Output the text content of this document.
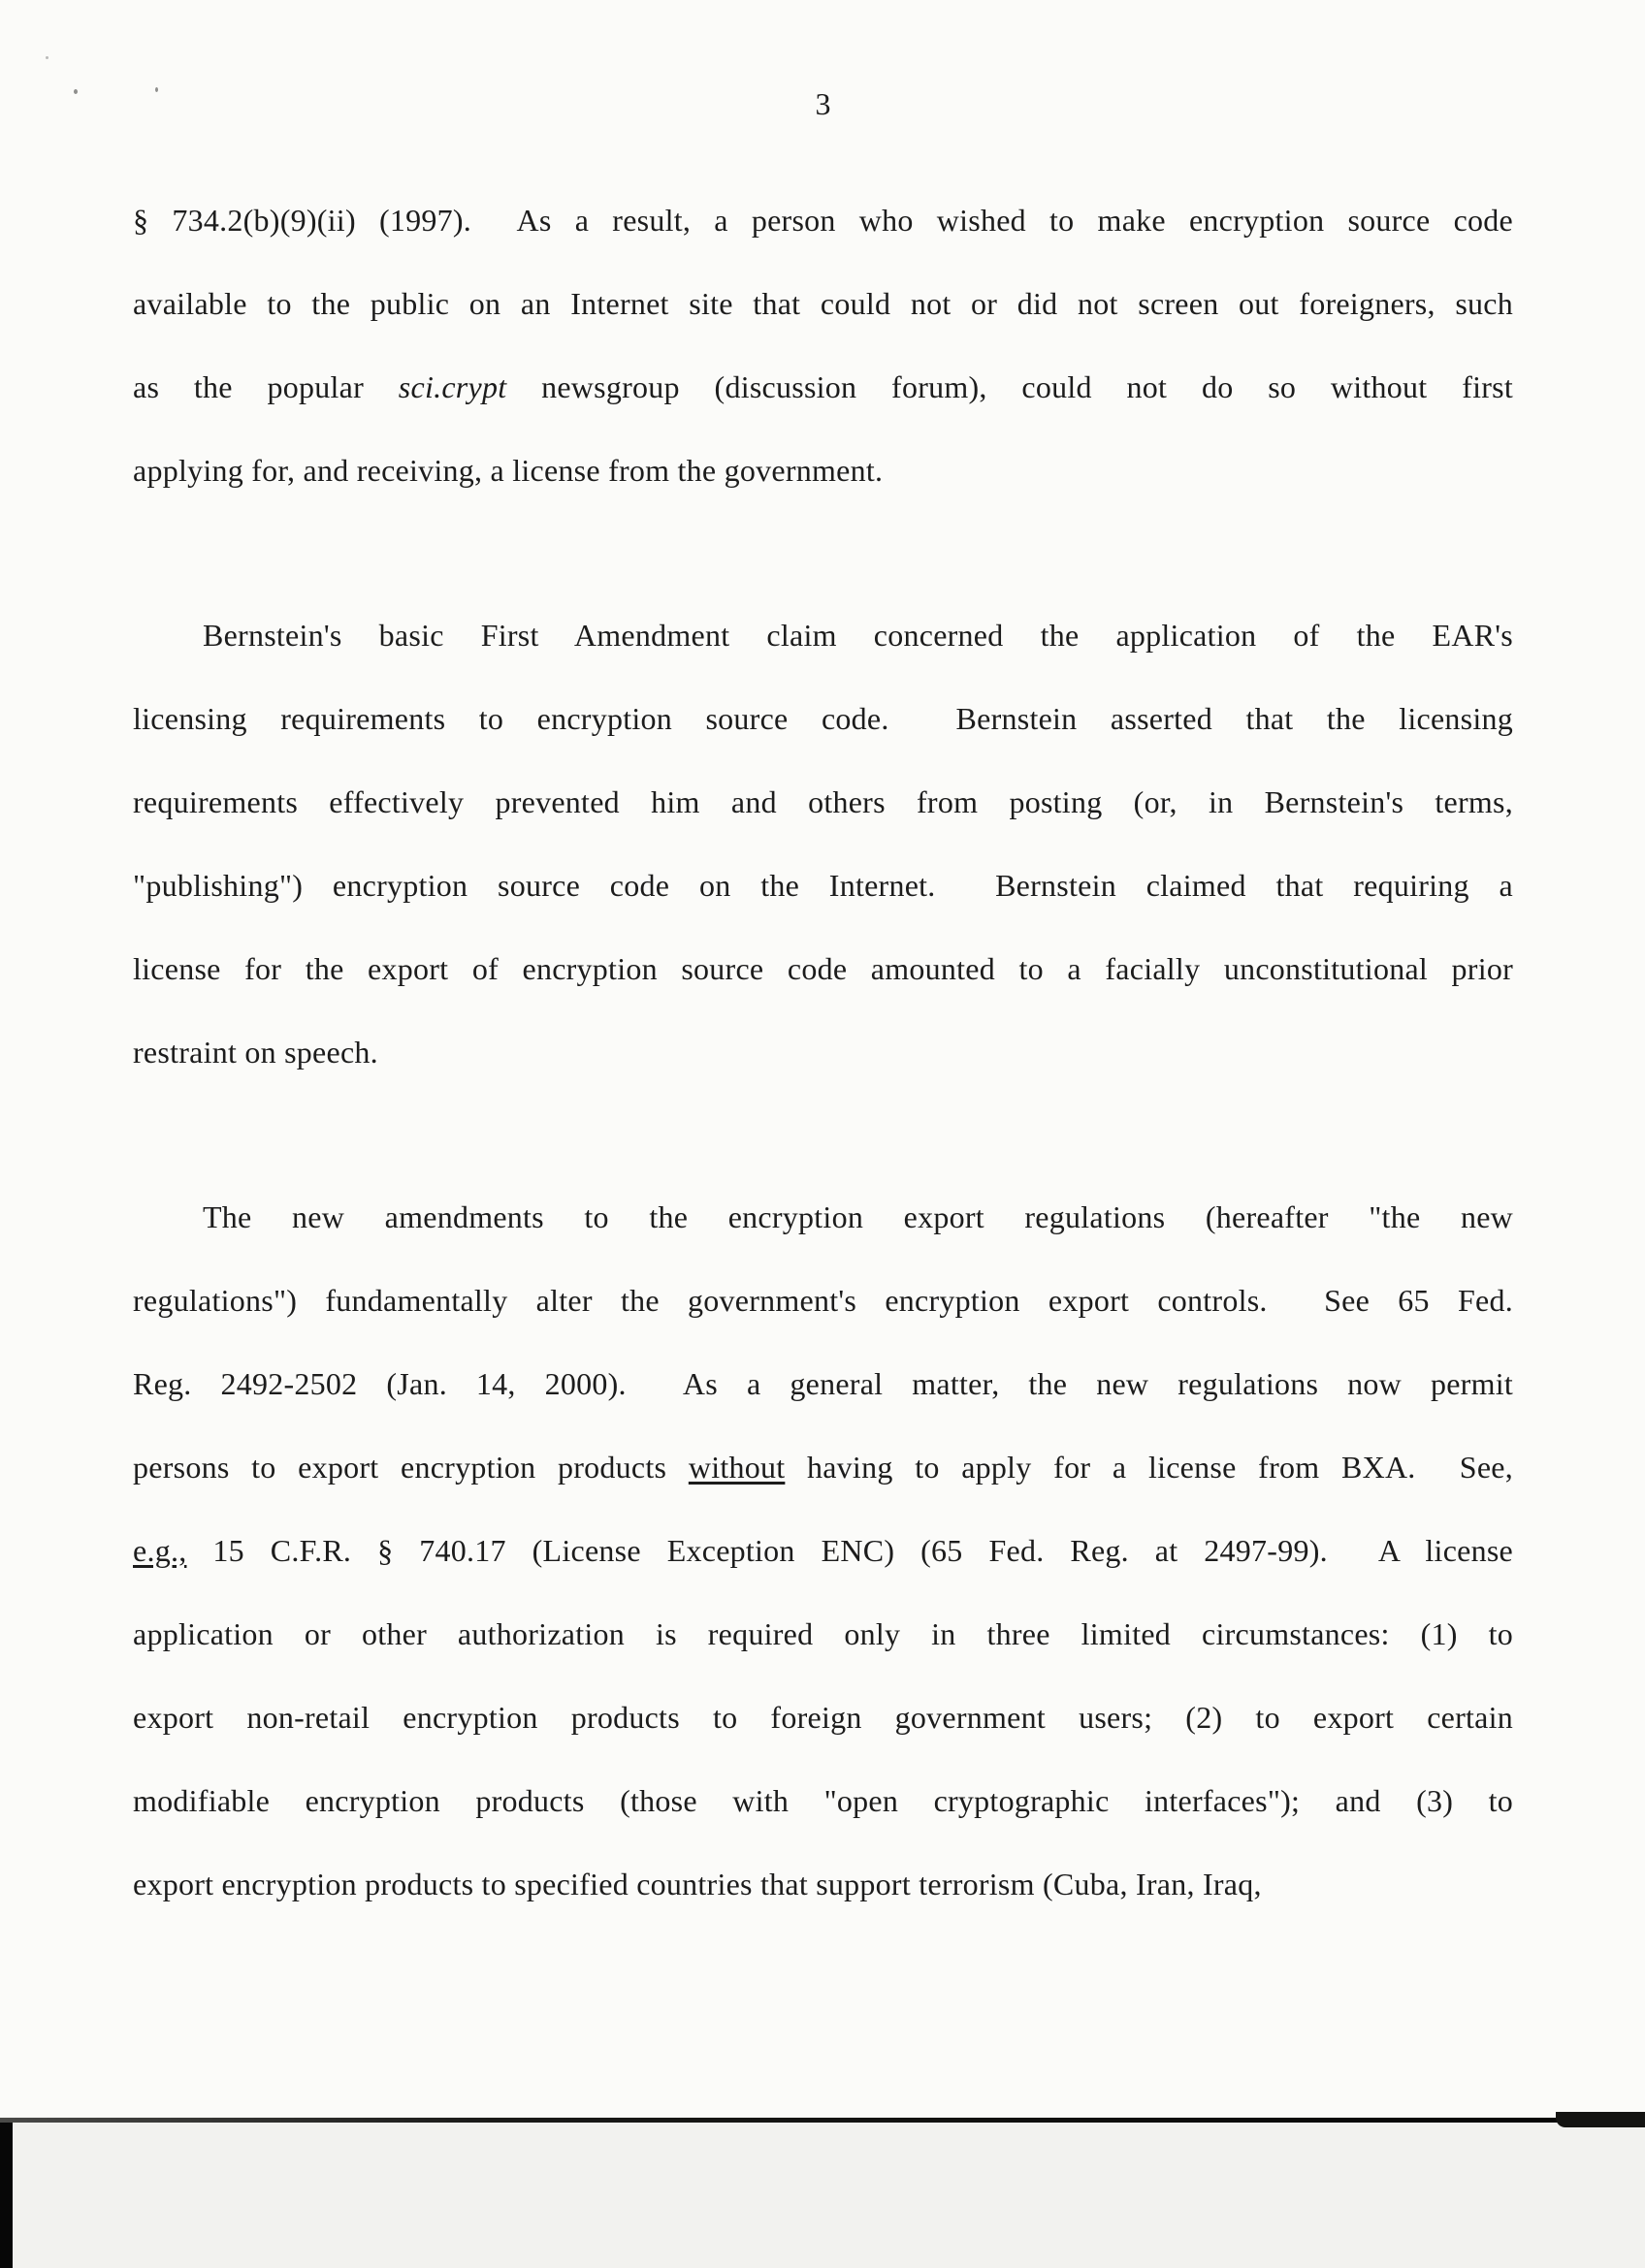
3
§ 734.2(b)(9)(ii) (1997).  As a result, a person who wished to make encryption source code
available to the public on an Internet site that could not or did not screen out foreigners, such
as the popular sci.crypt newsgroup (discussion forum), could not do so without first
applying for, and receiving, a license from the government.
Bernstein's basic First Amendment claim concerned the application of the EAR's
licensing requirements to encryption source code.  Bernstein asserted that the licensing
requirements effectively prevented him and others from posting (or, in Bernstein's terms,
"publishing") encryption source code on the Internet.  Bernstein claimed that requiring a
license for the export of encryption source code amounted to a facially unconstitutional prior
restraint on speech.
The new amendments to the encryption export regulations (hereafter "the new
regulations") fundamentally alter the government's encryption export controls.  See 65 Fed.
Reg. 2492-2502 (Jan. 14, 2000).  As a general matter, the new regulations now permit
persons to export encryption products without having to apply for a license from BXA.  See,
e.g., 15 C.F.R. § 740.17 (License Exception ENC) (65 Fed. Reg. at 2497-99).  A license
application or other authorization is required only in three limited circumstances: (1) to
export non-retail encryption products to foreign government users; (2) to export certain
modifiable encryption products (those with "open cryptographic interfaces"); and (3) to
export encryption products to specified countries that support terrorism (Cuba, Iran, Iraq,
